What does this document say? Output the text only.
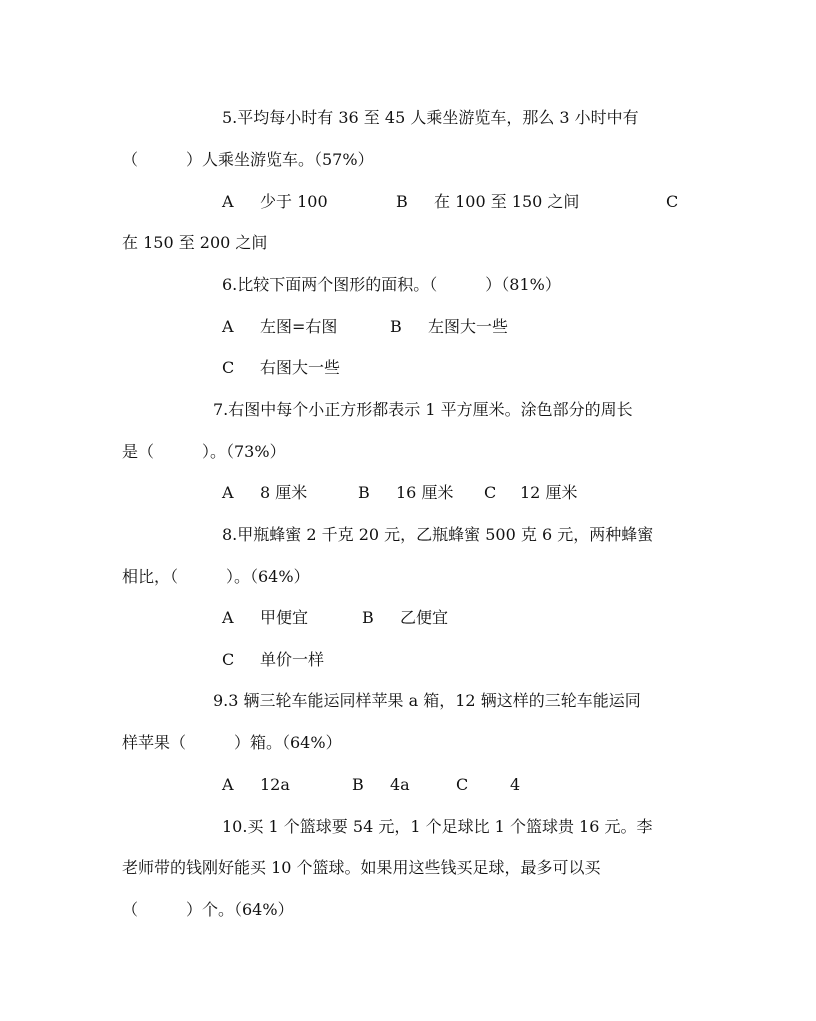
5.平均每小时有 36 至 45 人乘坐游览车，那么 3 小时中有
（　　　）人乘坐游览车。（57%）
A 少于 100	B 在 100 至 150 之间	C
在 150 至 200 之间
6.比较下面两个图形的面积。（　　　）（81%）
A 左图=右图	B 左图大一些
C 右图大一些
7.右图中每个小正方形都表示 1 平方厘米。涂色部分的周长
是（　　　）。（73%）
A 8 厘米	B 16 厘米 C 12 厘米
8.甲瓶蜂蜜 2 千克 20 元，乙瓶蜂蜜 500 克 6 元，两种蜂蜜
相比，（　　　）。（64%）
A 甲便宜	B 乙便宜
C 单价一样
9.3 辆三轮车能运同样苹果 a 箱，12 辆这样的三轮车能运同
样苹果（　　　）箱。（64%）
A 12a	B 4a	C	4
10.买 1 个篮球要 54 元，1 个足球比 1 个篮球贵 16 元。李
老师带的钱刚好能买 10 个篮球。如果用这些钱买足球，最多可以买
（　　　）个。（64%）
